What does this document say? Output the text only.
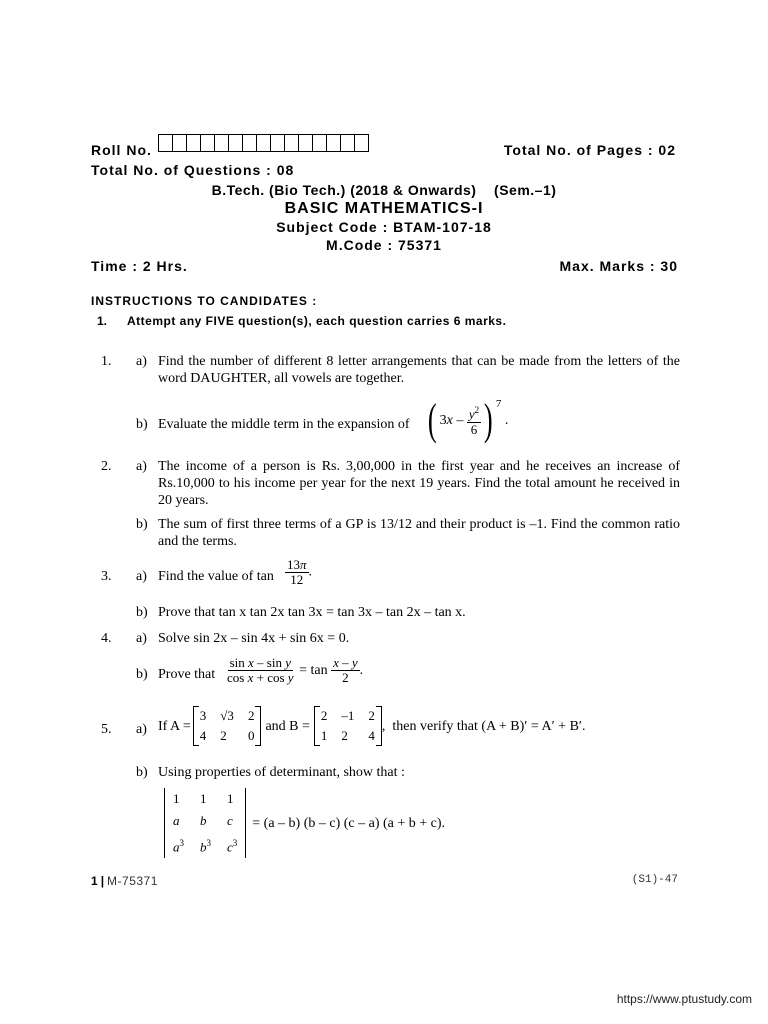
Roll No.	Total No. of Pages : 02
Total No. of Questions : 08
B.Tech. (Bio Tech.) (2018 & Onwards)    (Sem.–1)
BASIC MATHEMATICS-I
Subject Code : BTAM-107-18
M.Code : 75371
Time : 2 Hrs.	Max. Marks : 30
INSTRUCTIONS TO CANDIDATES :
1. Attempt any FIVE question(s), each question carries 6 marks.
1. a) Find the number of different 8 letter arrangements that can be made from the letters of the word DAUGHTER, all vowels are together.
b) Evaluate the middle term in the expansion of ( $3x - \frac{y^2}{6}$ ) 7
.
2. a) The income of a person is Rs. 3,00,000 in the first year and he receives an increase of Rs.10,000 to his income per year for the next 19 years. Find the total amount he received in 20 years.
b) The sum of first three terms of a GP is 13/12 and their product is –1. Find the common ratio and the terms.
3. a) Find the value of $\tan \frac{13\pi}{12}$ .
b) Prove that tan x tan 2x tan 3x = tan 3x – tan 2x – tan x.
4. a) Solve sin 2x – sin 4x + sin 6x = 0.
b) Prove that $\frac{\text{sin x – sin y}}{\text{cos x + cos y}} = \tan \frac{x - y}{2}$ .
5. a) If A =
3 √3 2
4 2	0
and B =
2 –1 2
1 2	4
,  then verify that (A + B)′ = A′ + B′.
b) Using properties of determinant, show that :
1	1	1
a	b	c
$a^3$ $b^3$ $c^3$
= (a – b) (b – c) (c – a) (a + b + c).
1 | M-75371	(S1)-47
https://www.ptustudy.com
